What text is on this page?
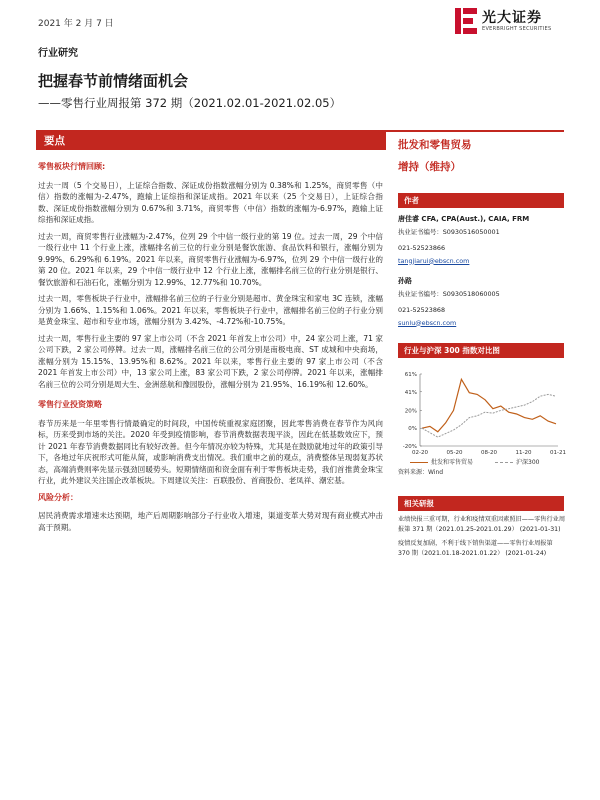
2021 年 2 月 7 日	光大证券
EVERBRIGHT SECURITIES
行业研究
把握春节前情绪面机会
——零售行业周报第 372 期（2021.02.01-2021.02.05）
要点

零售板块行情回顾:

过去一周（5 个交易日），上证综合指数、深证成份指数涨幅分别为 0.38%和 1.25%，商贸零售（中信）指数的涨幅为-2.47%，跑输上证综指和深证成指。2021 年以来（25 个交易日），上证综合指数、深证成份指数涨幅分别为 0.67%和 3.71%，商贸零售（中信）指数的涨幅为-6.97%，跑输上证综指和深证成指。

过去一周，商贸零售行业涨幅为-2.47%，位列 29 个中信一级行业的第 19 位。过去一周，29 个中信一级行业中 11 个行业上涨，涨幅排名前三位的行业分别是餐饮旅游、食品饮料和银行，涨幅分别为 9.99%、6.29%和 6.19%。2021 年以来，商贸零售行业涨幅为-6.97%，位列 29 个中信一级行业的第 20 位。2021 年以来，29 个中信一级行业中 12 个行业上涨，涨幅排名前三位的行业分别是银行、餐饮旅游和石油石化，涨幅分别为 12.99%、12.77%和 10.70%。

过去一周，零售板块子行业中，涨幅排名前三位的子行业分别是超市、黄金珠宝和家电 3C 连锁，涨幅分别为 1.66%、1.15%和 1.06%。2021 年以来，零售板块子行业中，涨幅排名前三位的子行业分别是黄金珠宝、超市和专业市场，涨幅分别为 3.42%、-4.72%和-10.75%。

过去一周，零售行业主要的 97 家上市公司（不含 2021 年首发上市公司）中，24 家公司上涨，71 家公司下跌，2 家公司停牌。过去一周，涨幅排名前三位的公司分别是南极电商、ST 成城和中央商场，涨幅分别为 15.15%、13.95%和 8.62%。2021 年以来，零售行业主要的 97 家上市公司（不含 2021 年首发上市公司）中，13 家公司上涨，83 家公司下跌，2 家公司停牌。2021 年以来，涨幅排名前三位的公司分别是周大生、金洲慈航和豫园股份，涨幅分别为 21.95%、16.19%和 12.60%。

零售行业投资策略

春节历来是一年里零售行情最确定的时间段，中国传统重视家庭团聚，因此零售消费在春节作为风向标，历来受到市场的关注。2020 年受到疫情影响，春节消费数据表现平淡，因此在低基数效应下，预计 2021 年春节消费数据同比有较好改善。但今年情况亦较为特殊，尤其是在鼓励就地过年的政策引导下，各地过年庆祝形式可能从简，或影响消费支出情况。我们重申之前的观点，消费整体呈现弱复苏状态，高端消费则率先显示强劲回暖势头。短期情绪面和资金面有利于零售板块走势，我们首推黄金珠宝行业，此外建议关注国企改革板块。下周建议关注：百联股份、首商股份、老凤祥、潮宏基。

风险分析：

居民消费需求增速未达预期，地产后周期影响部分子行业收入增速，渠道变革大势对现有商业模式冲击高于预期。

批发和零售贸易
增持（维持）
作者
唐佳睿 CFA, CPA(Aust.), CAIA, FRM
执业证书编号：S0930516050001
021-52523866
tangjiarui@ebscn.com
孙路
执业证书编号：S0930518060005
021-52523868
sunlu@ebscn.com
行业与沪深 300 指数对比图
-20%
0%
20%
41%
61%
02-20	05-20	08-20	11-20	01-21
批发和零售贸易	沪深300
资料来源：Wind
相关研报

业绩快报三重可期，行业和疫情双重因素照旧——零售行业周报第 371 期（2021.01.25-2021.01.29） (2021-01-31)

疫情反复加剧，不利于线下销售渠道——零售行业周报第 370 期（2021.01.18-2021.01.22） (2021-01-24)
